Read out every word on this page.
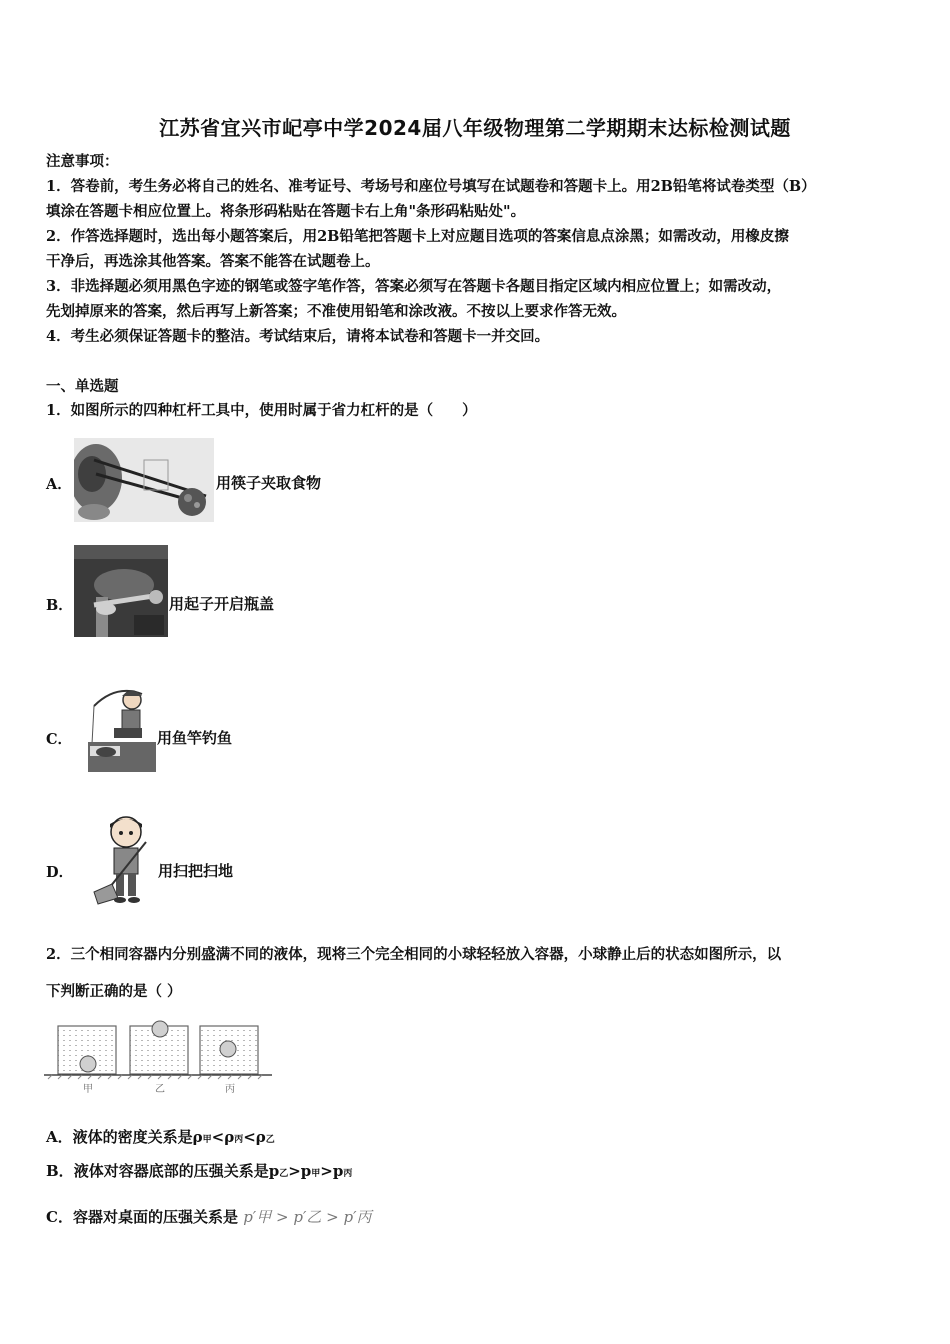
江苏省宜兴市屺亭中学2024届八年级物理第二学期期末达标检测试题
注意事项：
1．答卷前，考生务必将自己的姓名、准考证号、考场号和座位号填写在试题卷和答题卡上。用2B铅笔将试卷类型（B）
填涂在答题卡相应位置上。将条形码粘贴在答题卡右上角"条形码粘贴处"。
2．作答选择题时，选出每小题答案后，用2B铅笔把答题卡上对应题目选项的答案信息点涂黑；如需改动，用橡皮擦
干净后，再选涂其他答案。答案不能答在试题卷上。
3．非选择题必须用黑色字迹的钢笔或签字笔作答，答案必须写在答题卡各题目指定区域内相应位置上；如需改动，
先划掉原来的答案，然后再写上新答案；不准使用铅笔和涂改液。不按以上要求作答无效。
4．考生必须保证答题卡的整洁。考试结束后，请将本试卷和答题卡一并交回。
一、单选题
1．如图所示的四种杠杆工具中，使用时属于省力杠杆的是（　　）
A．	用筷子夹取食物
B．	用起子开启瓶盖
C．	用鱼竿钓鱼
D．	用扫把扫地
2．三个相同容器内分别盛满不同的液体，现将三个完全相同的小球轻轻放入容器，小球静止后的状态如图所示，以
下判断正确的是（ ）
甲	乙	丙
A．液体的密度关系是ρ甲<ρ丙<ρ乙
B．液体对容器底部的压强关系是p乙>p甲>p丙
C．容器对桌面的压强关系是 p′甲 > p′乙 > p′丙
